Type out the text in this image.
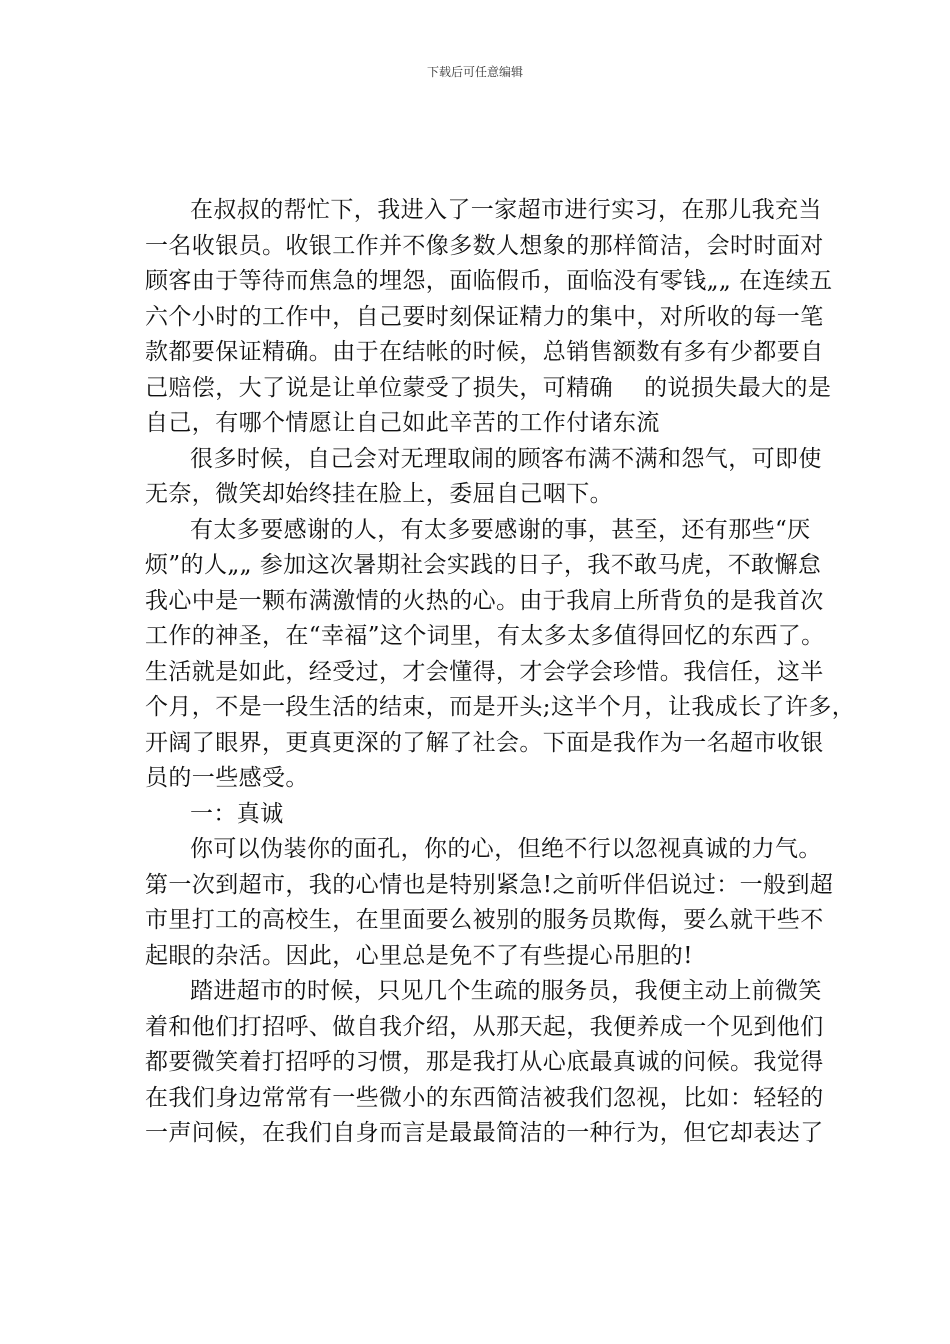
下载后可任意编辑
在叔叔的帮忙下，我进入了一家超市进行实习，在那儿我充当
一名收银员。收银工作并不像多数人想象的那样简洁，会时时面对
顾客由于等待而焦急的埋怨，面临假币，面临没有零钱„„ 在连续五
六个小时的工作中，自己要时刻保证精力的集中，对所收的每一笔
款都要保证精确。由于在结帐的时候，总销售额数有多有少都要自
己赔偿，大了说是让单位蒙受了损失，可精确　 的说损失最大的是
自己，有哪个情愿让自己如此辛苦的工作付诸东流
很多时候，自己会对无理取闹的顾客布满不满和怨气，可即使
无奈，微笑却始终挂在脸上，委屈自己咽下。
有太多要感谢的人，有太多要感谢的事，甚至，还有那些“厌
烦”的人„„ 参加这次暑期社会实践的日子，我不敢马虎，不敢懈怠
我心中是一颗布满激情的火热的心。由于我肩上所背负的是我首次
工作的神圣，在“幸福”这个词里，有太多太多值得回忆的东西了。
生活就是如此，经受过，才会懂得，才会学会珍惜。我信任，这半
个月，不是一段生活的结束，而是开头;这半个月，让我成长了许多，
开阔了眼界，更真更深的了解了社会。下面是我作为一名超市收银
员的一些感受。
一：真诚
你可以伪装你的面孔，你的心，但绝不行以忽视真诚的力气。
第一次到超市，我的心情也是特别紧急!之前听伴侣说过：一般到超
市里打工的高校生，在里面要么被别的服务员欺侮，要么就干些不
起眼的杂活。因此，心里总是免不了有些提心吊胆的!
踏进超市的时候，只见几个生疏的服务员，我便主动上前微笑
着和他们打招呼、做自我介绍，从那天起，我便养成一个见到他们
都要微笑着打招呼的习惯，那是我打从心底最真诚的问候。我觉得
在我们身边常常有一些微小的东西简洁被我们忽视，比如：轻轻的
一声问候，在我们自身而言是最最简洁的一种行为，但它却表达了
